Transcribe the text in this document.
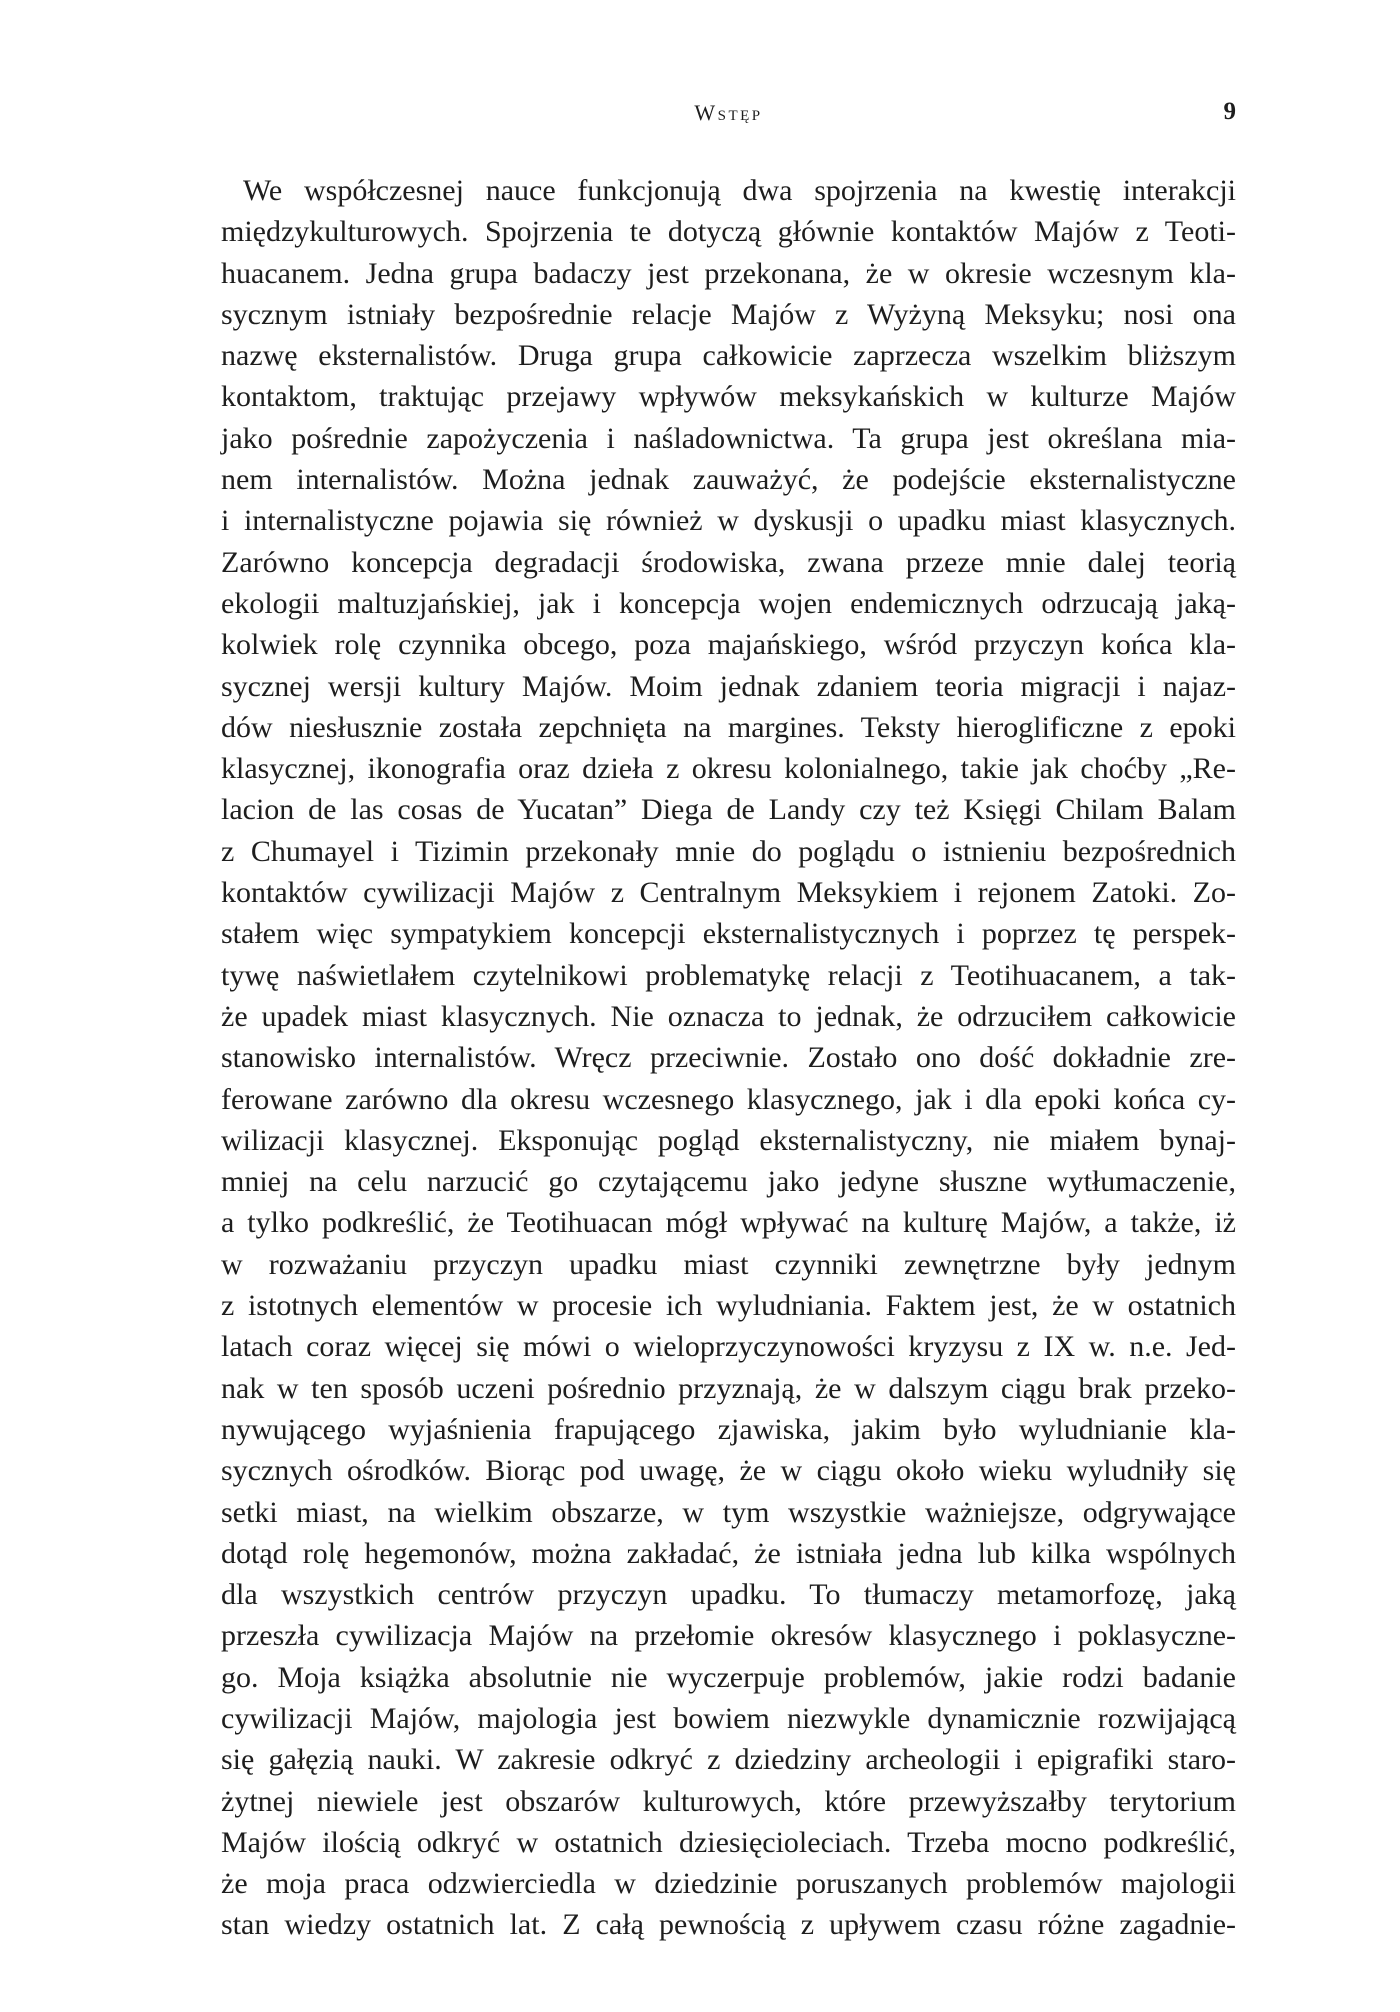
Wstęp	9
We współczesnej nauce funkcjonują dwa spojrzenia na kwestię interakcji
międzykulturowych. Spojrzenia te dotyczą głównie kontaktów Majów z Teoti-
huacanem. Jedna grupa badaczy jest przekonana, że w okresie wczesnym kla-
sycznym istniały bezpośrednie relacje Majów z Wyżyną Meksyku; nosi ona
nazwę eksternalistów. Druga grupa całkowicie zaprzecza wszelkim bliższym
kontaktom, traktując przejawy wpływów meksykańskich w kulturze Majów
jako pośrednie zapożyczenia i naśladownictwa. Ta grupa jest określana mia-
nem internalistów. Można jednak zauważyć, że podejście eksternalistyczne
i internalistyczne pojawia się również w dyskusji o upadku miast klasycznych.
Zarówno koncepcja degradacji środowiska, zwana przeze mnie dalej teorią
ekologii maltuzjańskiej, jak i koncepcja wojen endemicznych odrzucają jaką-
kolwiek rolę czynnika obcego, poza majańskiego, wśród przyczyn końca kla-
sycznej wersji kultury Majów. Moim jednak zdaniem teoria migracji i najaz-
dów niesłusznie została zepchnięta na margines. Teksty hieroglificzne z epoki
klasycznej, ikonografia oraz dzieła z okresu kolonialnego, takie jak choćby „Re-
lacion de las cosas de Yucatan” Diega de Landy czy też Księgi Chilam Balam
z Chumayel i Tizimin przekonały mnie do poglądu o istnieniu bezpośrednich
kontaktów cywilizacji Majów z Centralnym Meksykiem i rejonem Zatoki. Zo-
stałem więc sympatykiem koncepcji eksternalistycznych i poprzez tę perspek-
tywę naświetlałem czytelnikowi problematykę relacji z Teotihuacanem, a tak-
że upadek miast klasycznych. Nie oznacza to jednak, że odrzuciłem całkowicie
stanowisko internalistów. Wręcz przeciwnie. Zostało ono dość dokładnie zre-
ferowane zarówno dla okresu wczesnego klasycznego, jak i dla epoki końca cy-
wilizacji klasycznej. Eksponując pogląd eksternalistyczny, nie miałem bynaj-
mniej na celu narzucić go czytającemu jako jedyne słuszne wytłumaczenie,
a tylko podkreślić, że Teotihuacan mógł wpływać na kulturę Majów, a także, iż
w rozważaniu przyczyn upadku miast czynniki zewnętrzne były jednym
z istotnych elementów w procesie ich wyludniania. Faktem jest, że w ostatnich
latach coraz więcej się mówi o wieloprzyczynowości kryzysu z IX w. n.e. Jed-
nak w ten sposób uczeni pośrednio przyznają, że w dalszym ciągu brak przeko-
nywującego wyjaśnienia frapującego zjawiska, jakim było wyludnianie kla-
sycznych ośrodków. Biorąc pod uwagę, że w ciągu około wieku wyludniły się
setki miast, na wielkim obszarze, w tym wszystkie ważniejsze, odgrywające
dotąd rolę hegemonów, można zakładać, że istniała jedna lub kilka wspólnych
dla wszystkich centrów przyczyn upadku. To tłumaczy metamorfozę, jaką
przeszła cywilizacja Majów na przełomie okresów klasycznego i poklasyczne-
go. Moja książka absolutnie nie wyczerpuje problemów, jakie rodzi badanie
cywilizacji Majów, majologia jest bowiem niezwykle dynamicznie rozwijającą
się gałęzią nauki. W zakresie odkryć z dziedziny archeologii i epigrafiki staro-
żytnej niewiele jest obszarów kulturowych, które przewyższałby terytorium
Majów ilością odkryć w ostatnich dziesięcioleciach. Trzeba mocno podkreślić,
że moja praca odzwierciedla w dziedzinie poruszanych problemów majologii
stan wiedzy ostatnich lat. Z całą pewnością z upływem czasu różne zagadnie-
